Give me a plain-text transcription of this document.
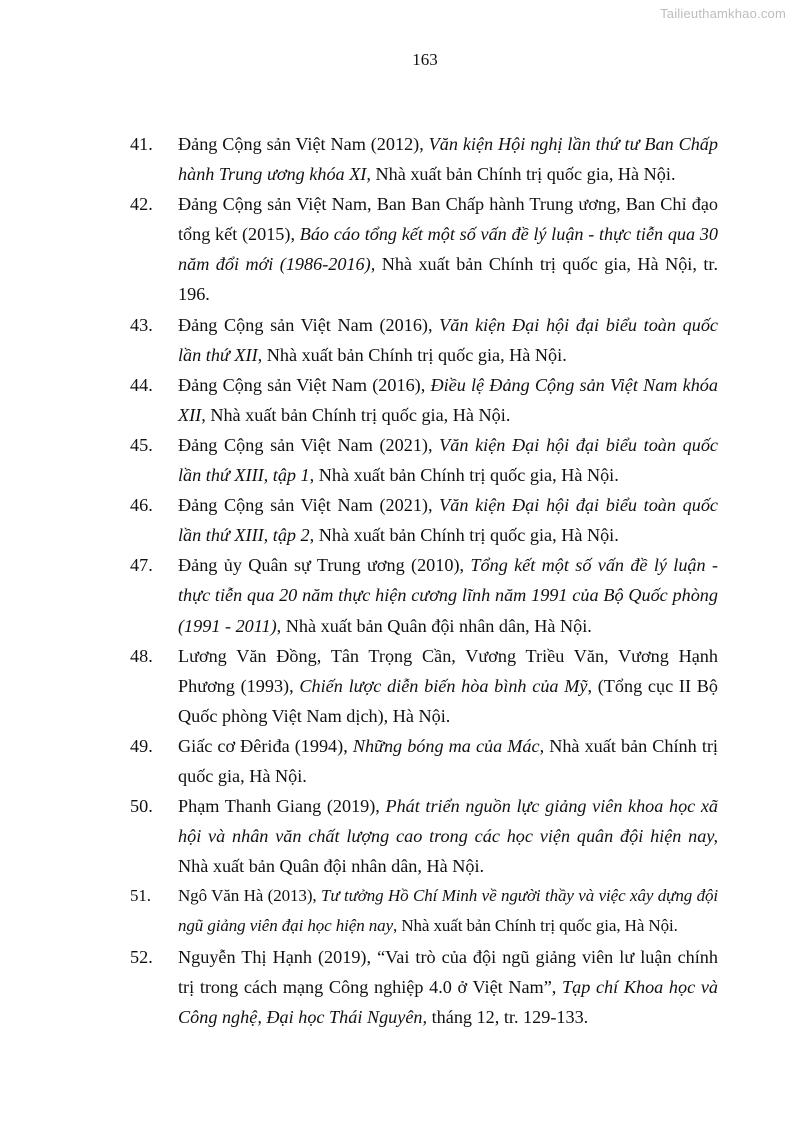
Tailieuthamkhao.com
163
41.	Đảng Cộng sản Việt Nam (2012), Văn kiện Hội nghị lần thứ tư Ban Chấp hành Trung ương khóa XI, Nhà xuất bản Chính trị quốc gia, Hà Nội.
42.	Đảng Cộng sản Việt Nam, Ban Ban Chấp hành Trung ương, Ban Chỉ đạo tổng kết (2015), Báo cáo tổng kết một số vấn đề lý luận - thực tiễn qua 30 năm đổi mới (1986-2016), Nhà xuất bản Chính trị quốc gia, Hà Nội, tr. 196.
43.	Đảng Cộng sản Việt Nam (2016), Văn kiện Đại hội đại biểu toàn quốc lần thứ XII, Nhà xuất bản Chính trị quốc gia, Hà Nội.
44.	Đảng Cộng sản Việt Nam (2016), Điều lệ Đảng Cộng sản Việt Nam khóa XII, Nhà xuất bản Chính trị quốc gia, Hà Nội.
45.	Đảng Cộng sản Việt Nam (2021), Văn kiện Đại hội đại biểu toàn quốc lần thứ XIII, tập 1, Nhà xuất bản Chính trị quốc gia, Hà Nội.
46.	Đảng Cộng sản Việt Nam (2021), Văn kiện Đại hội đại biểu toàn quốc lần thứ XIII, tập 2, Nhà xuất bản Chính trị quốc gia, Hà Nội.
47.	Đảng ủy Quân sự Trung ương (2010), Tổng kết một số vấn đề lý luận - thực tiễn qua 20 năm thực hiện cương lĩnh năm 1991 của Bộ Quốc phòng (1991 - 2011), Nhà xuất bản Quân đội nhân dân, Hà Nội.
48.	Lương Văn Đồng, Tân Trọng Cần, Vương Triều Văn, Vương Hạnh Phương (1993), Chiến lược diễn biến hòa bình của Mỹ, (Tổng cục II Bộ Quốc phòng Việt Nam dịch), Hà Nội.
49.	Giấc cơ Đêriđa (1994), Những bóng ma của Mác, Nhà xuất bản Chính trị quốc gia, Hà Nội.
50.	Phạm Thanh Giang (2019), Phát triển nguồn lực giảng viên khoa học xã hội và nhân văn chất lượng cao trong các học viện quân đội hiện nay, Nhà xuất bản Quân đội nhân dân, Hà Nội.
51.	Ngô Văn Hà (2013), Tư tưởng Hồ Chí Minh về người thầy và việc xây dựng đội ngũ giảng viên đại học hiện nay, Nhà xuất bản Chính trị quốc gia, Hà Nội.
52.	Nguyễn Thị Hạnh (2019), “Vai trò của đội ngũ giảng viên lư luận chính trị trong cách mạng Công nghiệp 4.0 ở Việt Nam”, Tạp chí Khoa học và Công nghệ, Đại học Thái Nguyên, tháng 12, tr. 129-133.
